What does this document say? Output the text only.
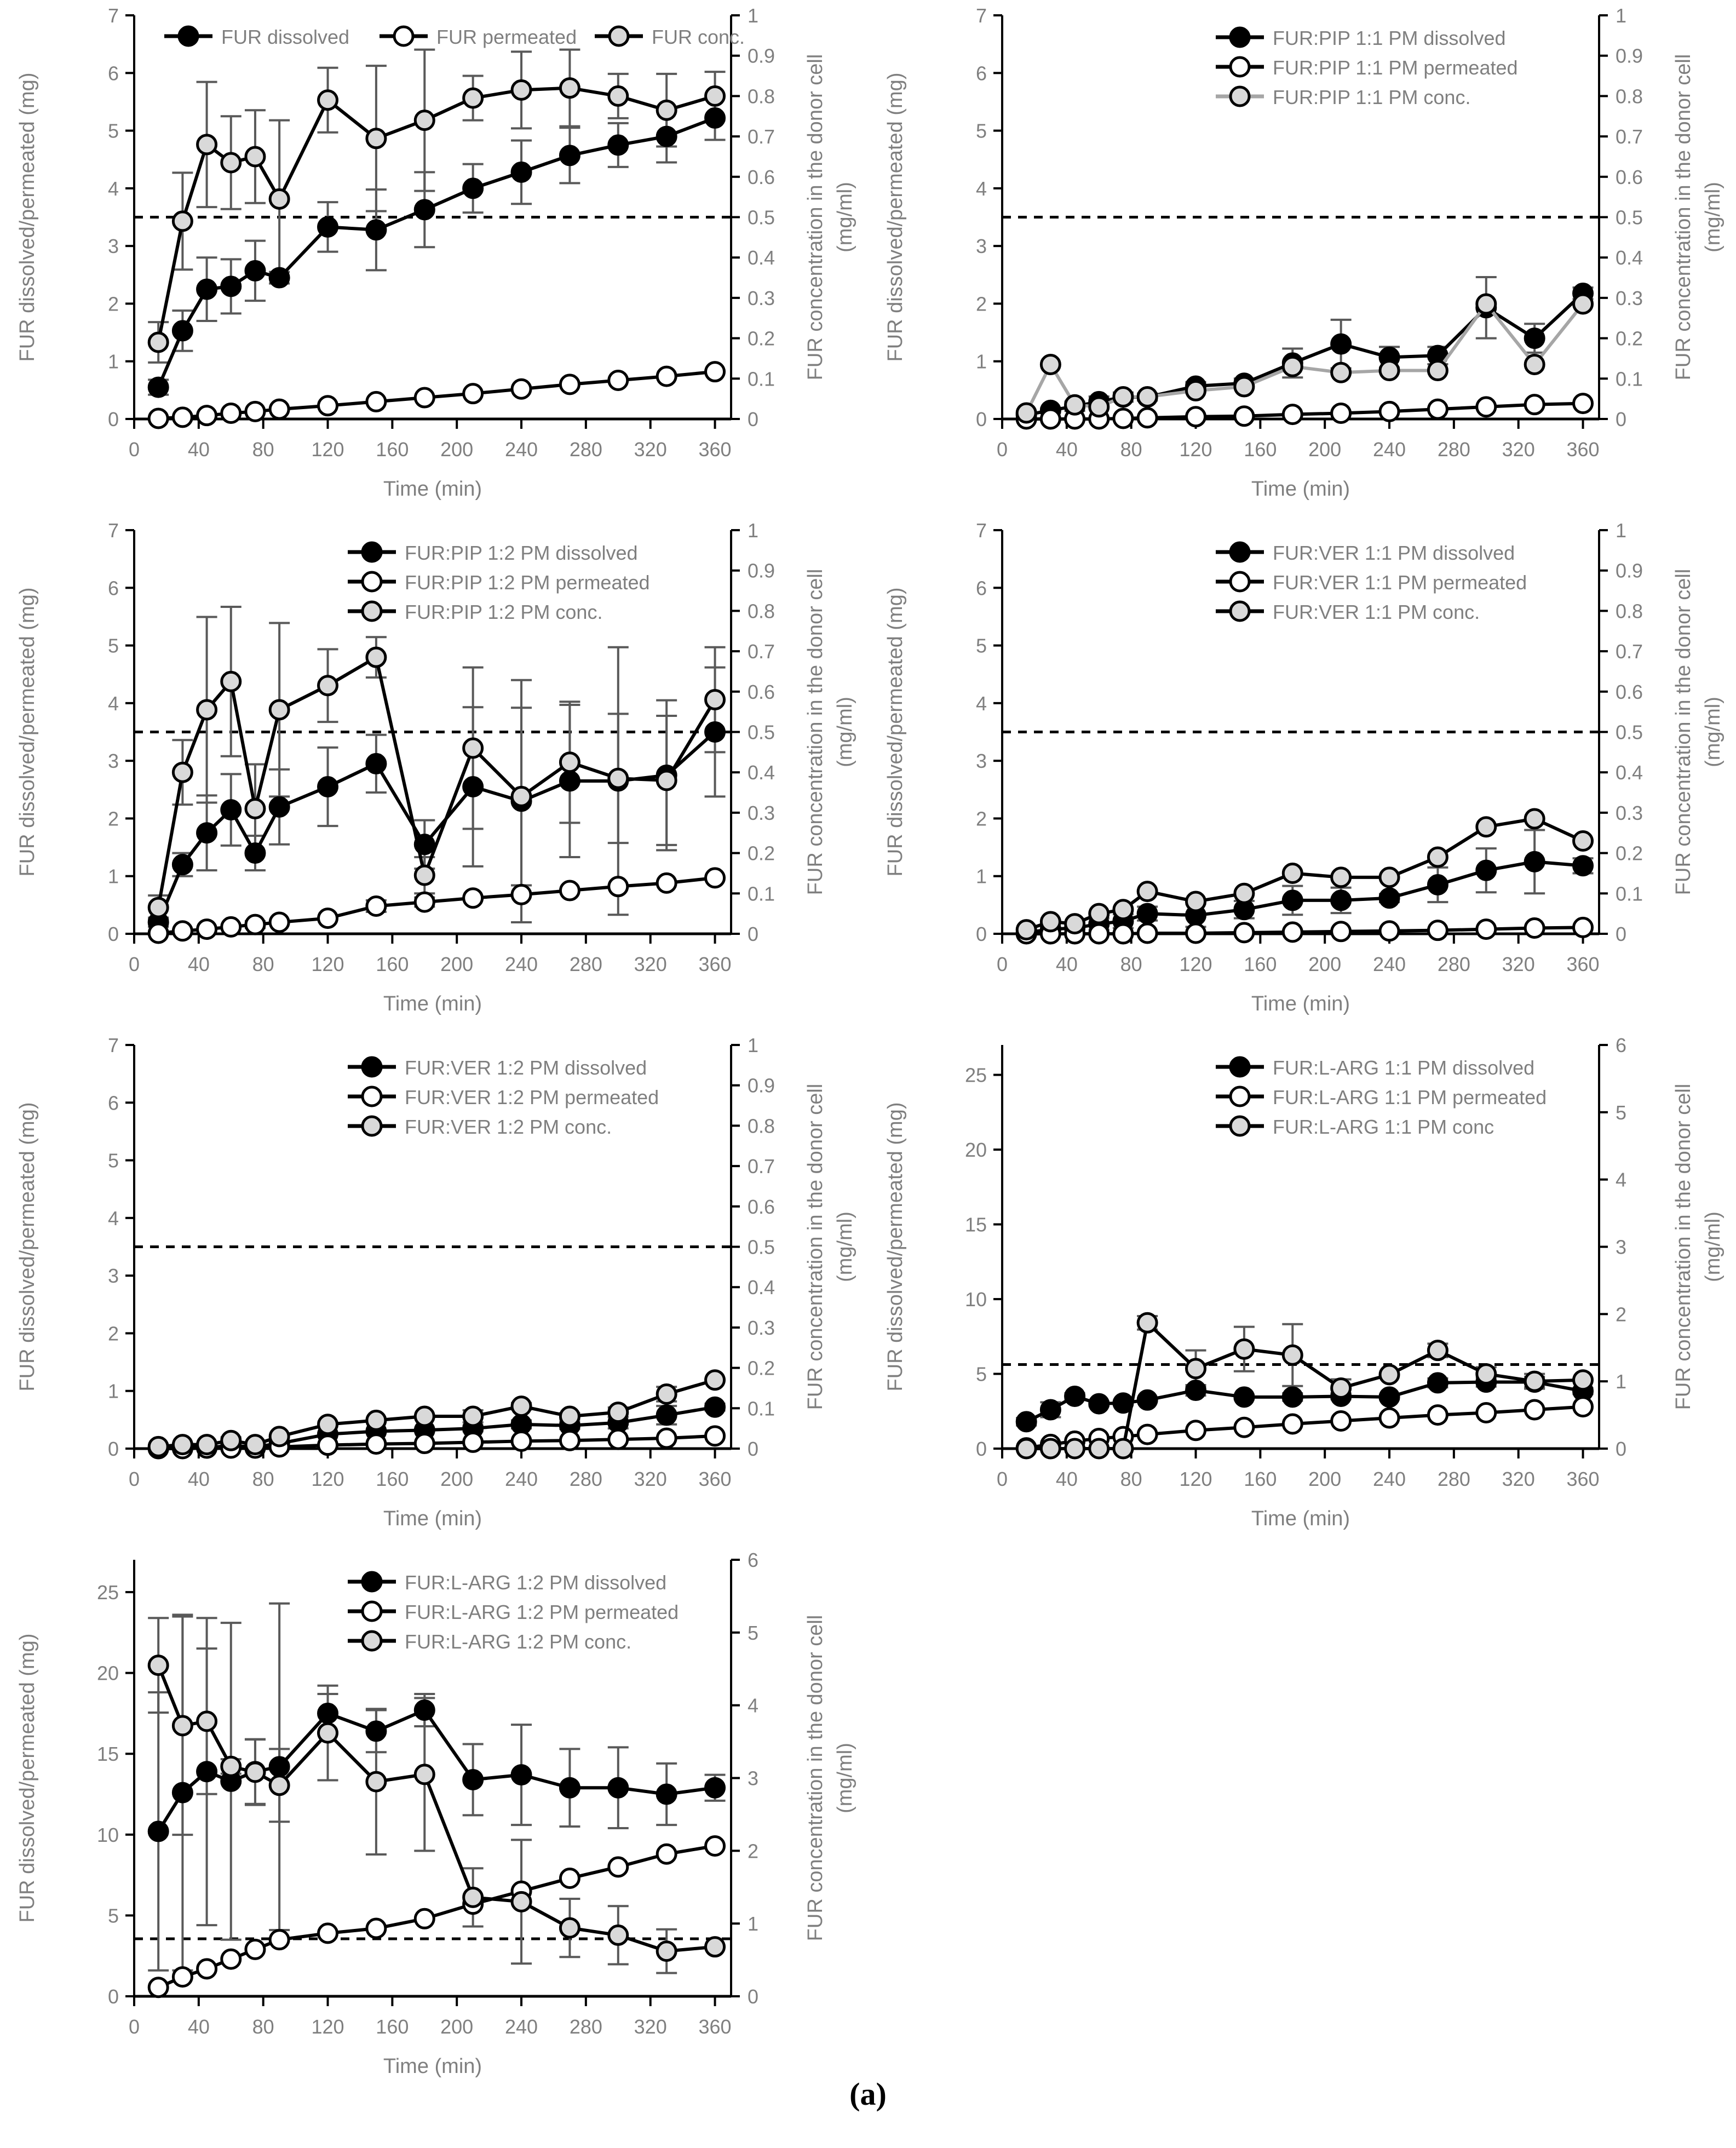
0
1
2
3
4
5
6
7
0
0.1
0.2
0.3
0.4
0.5
0.6
0.7
0.8
0.9
1
0 40 80 120 160 200 240 280 320 360
Time (min)
FUR dissolved/permeated (mg)	FUR concentration in the donor cell (mg/ml)
FUR dissolved	FUR permeated	FUR conc.
0
1
2
3
4
5
6
7
0
0.1
0.2
0.3
0.4
0.5
0.6
0.7
0.8
0.9
1
0 40 80 120 160 200 240 280 320 360
Time (min)
FUR dissolved/permeated (mg)	FUR concentration in the donor cell (mg/ml)
FUR:PIP 1:1 PM dissolved
FUR:PIP 1:1 PM permeated
FUR:PIP 1:1 PM conc.
0
1
2
3
4
5
6
7
0
0.1
0.2
0.3
0.4
0.5
0.6
0.7
0.8
0.9
1
0 40 80 120 160 200 240 280 320 360
Time (min)
FUR dissolved/permeated (mg)	FUR concentration in the donor cell (mg/ml)
FUR:PIP 1:2 PM dissolved
FUR:PIP 1:2 PM permeated
FUR:PIP 1:2 PM conc.
0
1
2
3
4
5
6
7
0
0.1
0.2
0.3
0.4
0.5
0.6
0.7
0.8
0.9
1
0 40 80 120 160 200 240 280 320 360
Time (min)
FUR dissolved/permeated (mg)	FUR concentration in the donor cell (mg/ml)
FUR:VER 1:1 PM dissolved
FUR:VER 1:1 PM permeated
FUR:VER 1:1 PM conc.
0
1
2
3
4
5
6
7
0
0.1
0.2
0.3
0.4
0.5
0.6
0.7
0.8
0.9
1
0 40 80 120 160 200 240 280 320 360
Time (min)
FUR dissolved/permeated (mg)	FUR concentration in the donor cell (mg/ml)
FUR:VER 1:2 PM dissolved
FUR:VER 1:2 PM permeated
FUR:VER 1:2 PM conc.
0
5
10
15
20
25
0
1
2
3
4
5
6
0 40 80 120 160 200 240 280 320 360
Time (min)
FUR dissolved/permeated (mg)	FUR concentration in the donor cell (mg/ml)
FUR:L-ARG 1:1 PM dissolved
FUR:L-ARG 1:1 PM permeated
FUR:L-ARG 1:1 PM conc
0
5
10
15
20
25
0
1
2
3
4
5
6
0 40 80 120 160 200 240 280 320 360
Time (min)
FUR dissolved/permeated (mg)	FUR concentration in the donor cell (mg/ml)
FUR:L-ARG 1:2 PM dissolved
FUR:L-ARG 1:2 PM permeated
FUR:L-ARG 1:2 PM conc.
(a)
